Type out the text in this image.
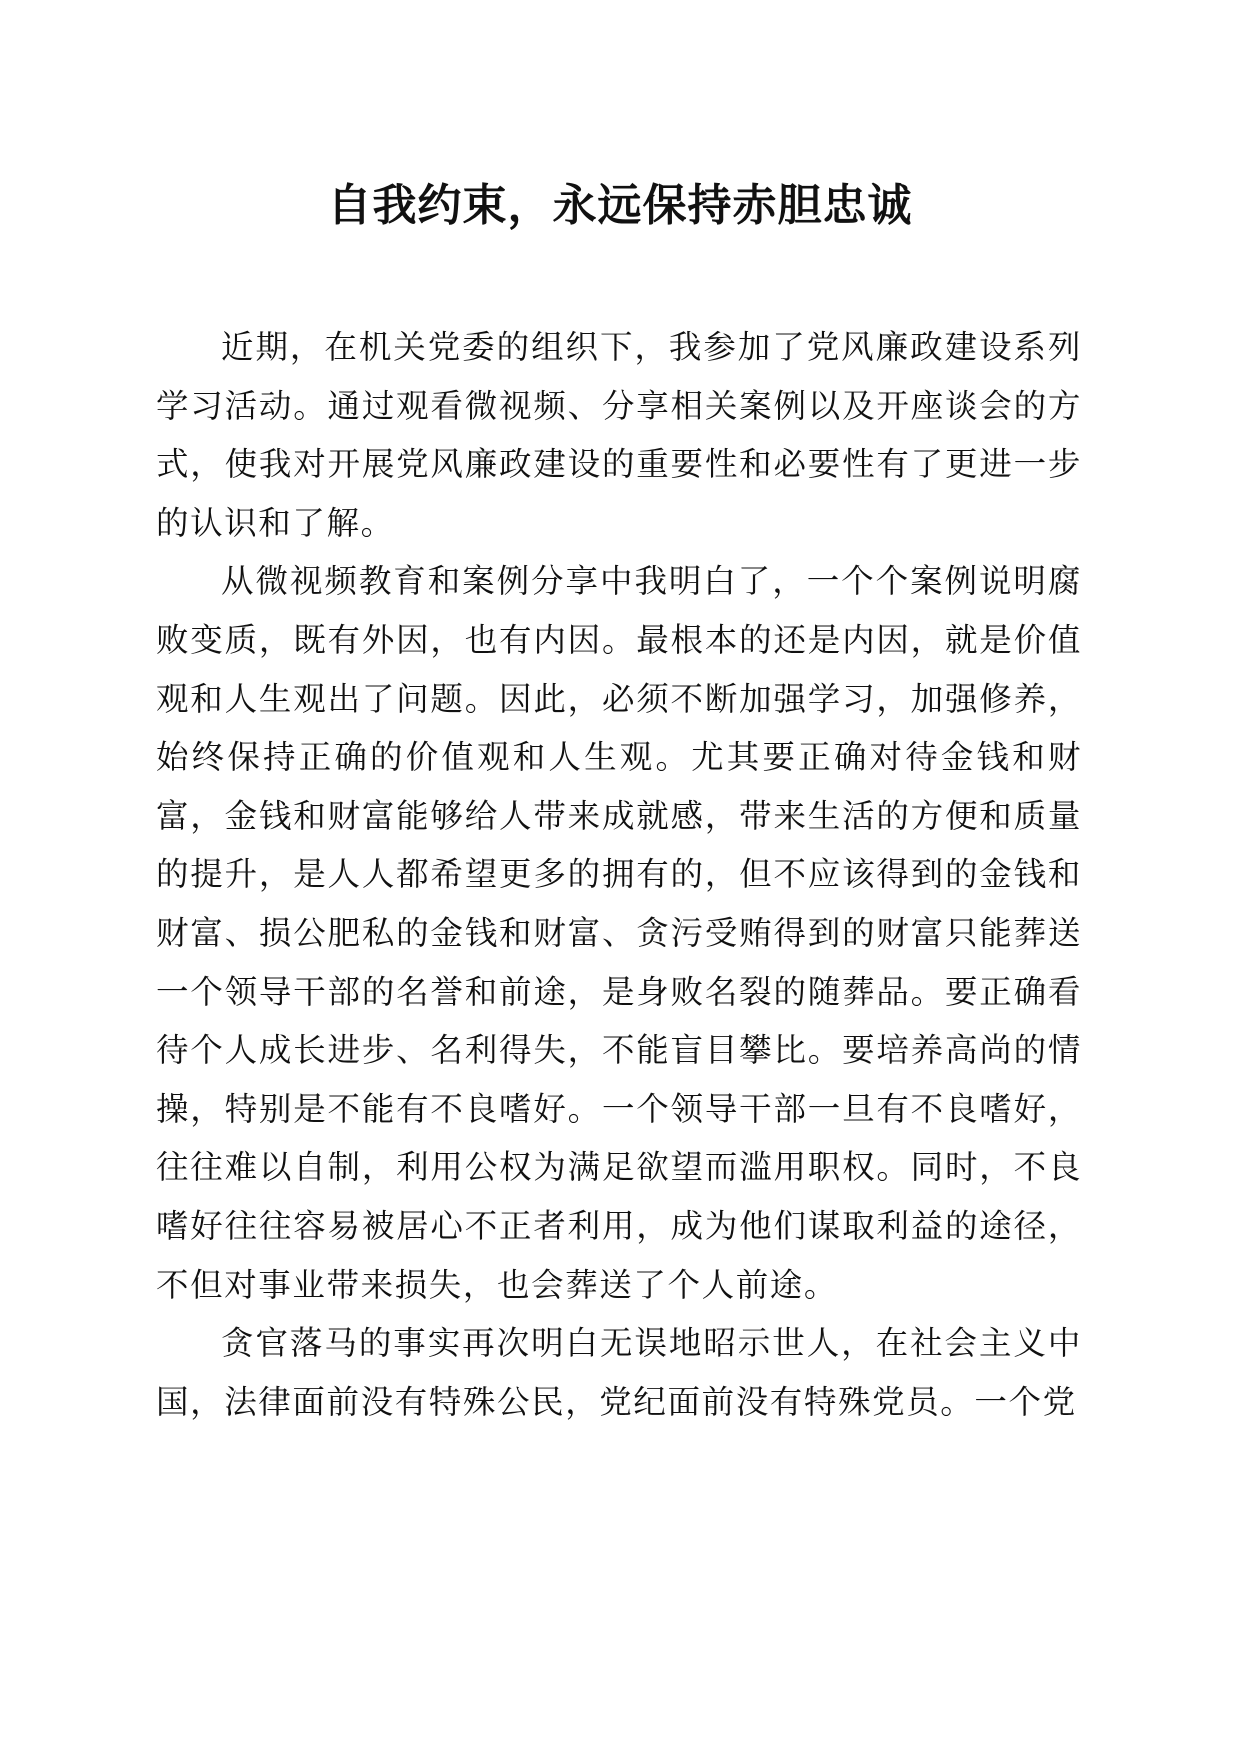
自我约束，永远保持赤胆忠诚

近期，在机关党委的组织下，我参加了党风廉政建设系列学习活动。通过观看微视频、分享相关案例以及开座谈会的方式，使我对开展党风廉政建设的重要性和必要性有了更进一步的认识和了解。

从微视频教育和案例分享中我明白了，一个个案例说明腐败变质，既有外因，也有内因。最根本的还是内因，就是价值观和人生观出了问题。因此，必须不断加强学习，加强修养，始终保持正确的价值观和人生观。尤其要正确对待金钱和财富，金钱和财富能够给人带来成就感，带来生活的方便和质量的提升，是人人都希望更多的拥有的，但不应该得到的金钱和财富、损公肥私的金钱和财富、贪污受贿得到的财富只能葬送一个领导干部的名誉和前途，是身败名裂的随葬品。要正确看待个人成长进步、名利得失，不能盲目攀比。要培养高尚的情操，特别是不能有不良嗜好。一个领导干部一旦有不良嗜好，往往难以自制，利用公权为满足欲望而滥用职权。同时，不良嗜好往往容易被居心不正者利用，成为他们谋取利益的途径，不但对事业带来损失，也会葬送了个人前途。

贪官落马的事实再次明白无误地昭示世人，在社会主义中国，法律面前没有特殊公民，党纪面前没有特殊党员。一个党
